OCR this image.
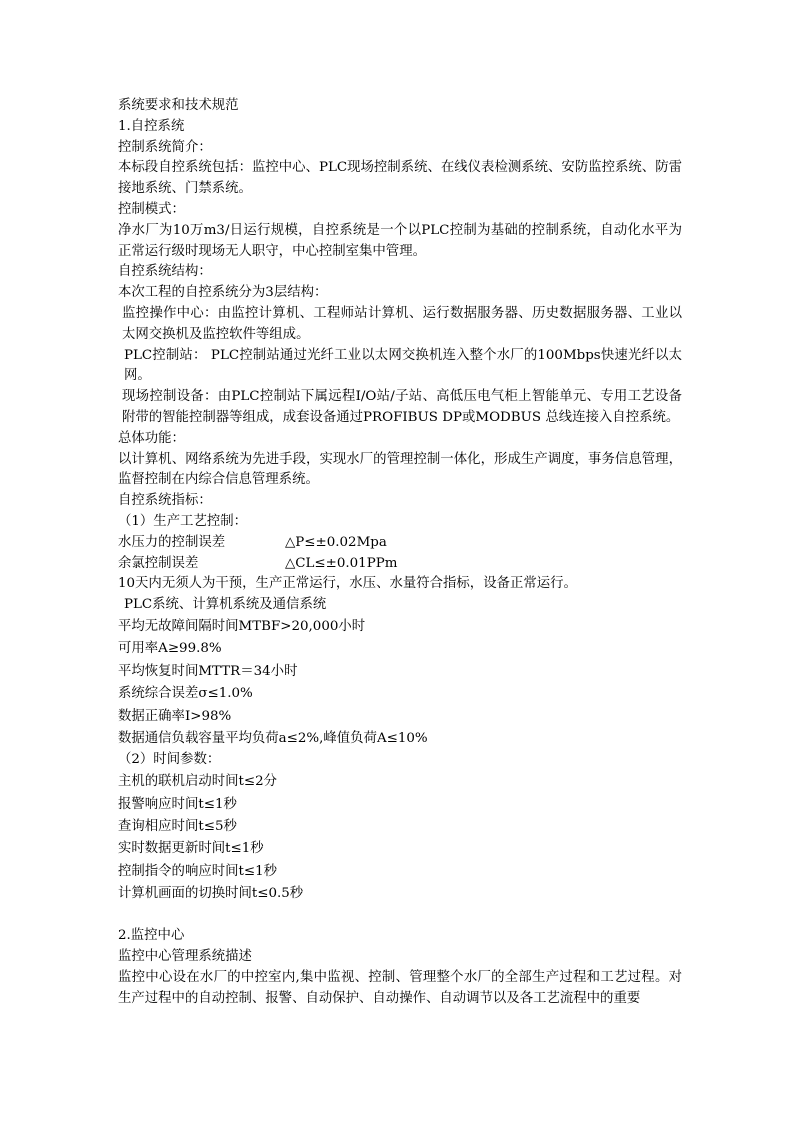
系统要求和技术规范
1.自控系统
控制系统简介：
本标段自控系统包括：监控中心、PLC现场控制系统、在线仪表检测系统、安防监控系统、防雷接地系统、门禁系统。
控制模式：
净水厂为10万m3/日运行规模，自控系统是一个以PLC控制为基础的控制系统，自动化水平为正常运行级时现场无人职守，中心控制室集中管理。
自控系统结构：
本次工程的自控系统分为3层结构：
监控操作中心：由监控计算机、工程师站计算机、运行数据服务器、历史数据服务器、工业以太网交换机及监控软件等组成。
PLC控制站： PLC控制站通过光纤工业以太网交换机连入整个水厂的100Mbps快速光纤以太网。
现场控制设备：由PLC控制站下属远程I/O站/子站、高低压电气柜上智能单元、专用工艺设备附带的智能控制器等组成，成套设备通过PROFIBUS DP或MODBUS 总线连接入自控系统。
总体功能：
以计算机、网络系统为先进手段，实现水厂的管理控制一体化，形成生产调度，事务信息管理，监督控制在内综合信息管理系统。
自控系统指标：
（1）生产工艺控制：
水压力的控制误差	△P≤±0.02Mpa
余氯控制误差	△CL≤±0.01PPm
10天内无须人为干预，生产正常运行，水压、水量符合指标，设备正常运行。
PLC系统、计算机系统及通信系统
平均无故障间隔时间MTBF>20,000小时
可用率A≥99.8%
平均恢复时间MTTR＝34小时
系统综合误差σ≤1.0%
数据正确率I>98%
数据通信负载容量平均负荷a≤2%,峰值负荷A≤10%
（2）时间参数：
主机的联机启动时间t≤2分
报警响应时间t≤1秒
查询相应时间t≤5秒
实时数据更新时间t≤1秒
控制指令的响应时间t≤1秒
计算机画面的切换时间t≤0.5秒
2.监控中心
监控中心管理系统描述
监控中心设在水厂的中控室内,集中监视、控制、管理整个水厂的全部生产过程和工艺过程。对生产过程中的自动控制、报警、自动保护、自动操作、自动调节以及各工艺流程中的重要
